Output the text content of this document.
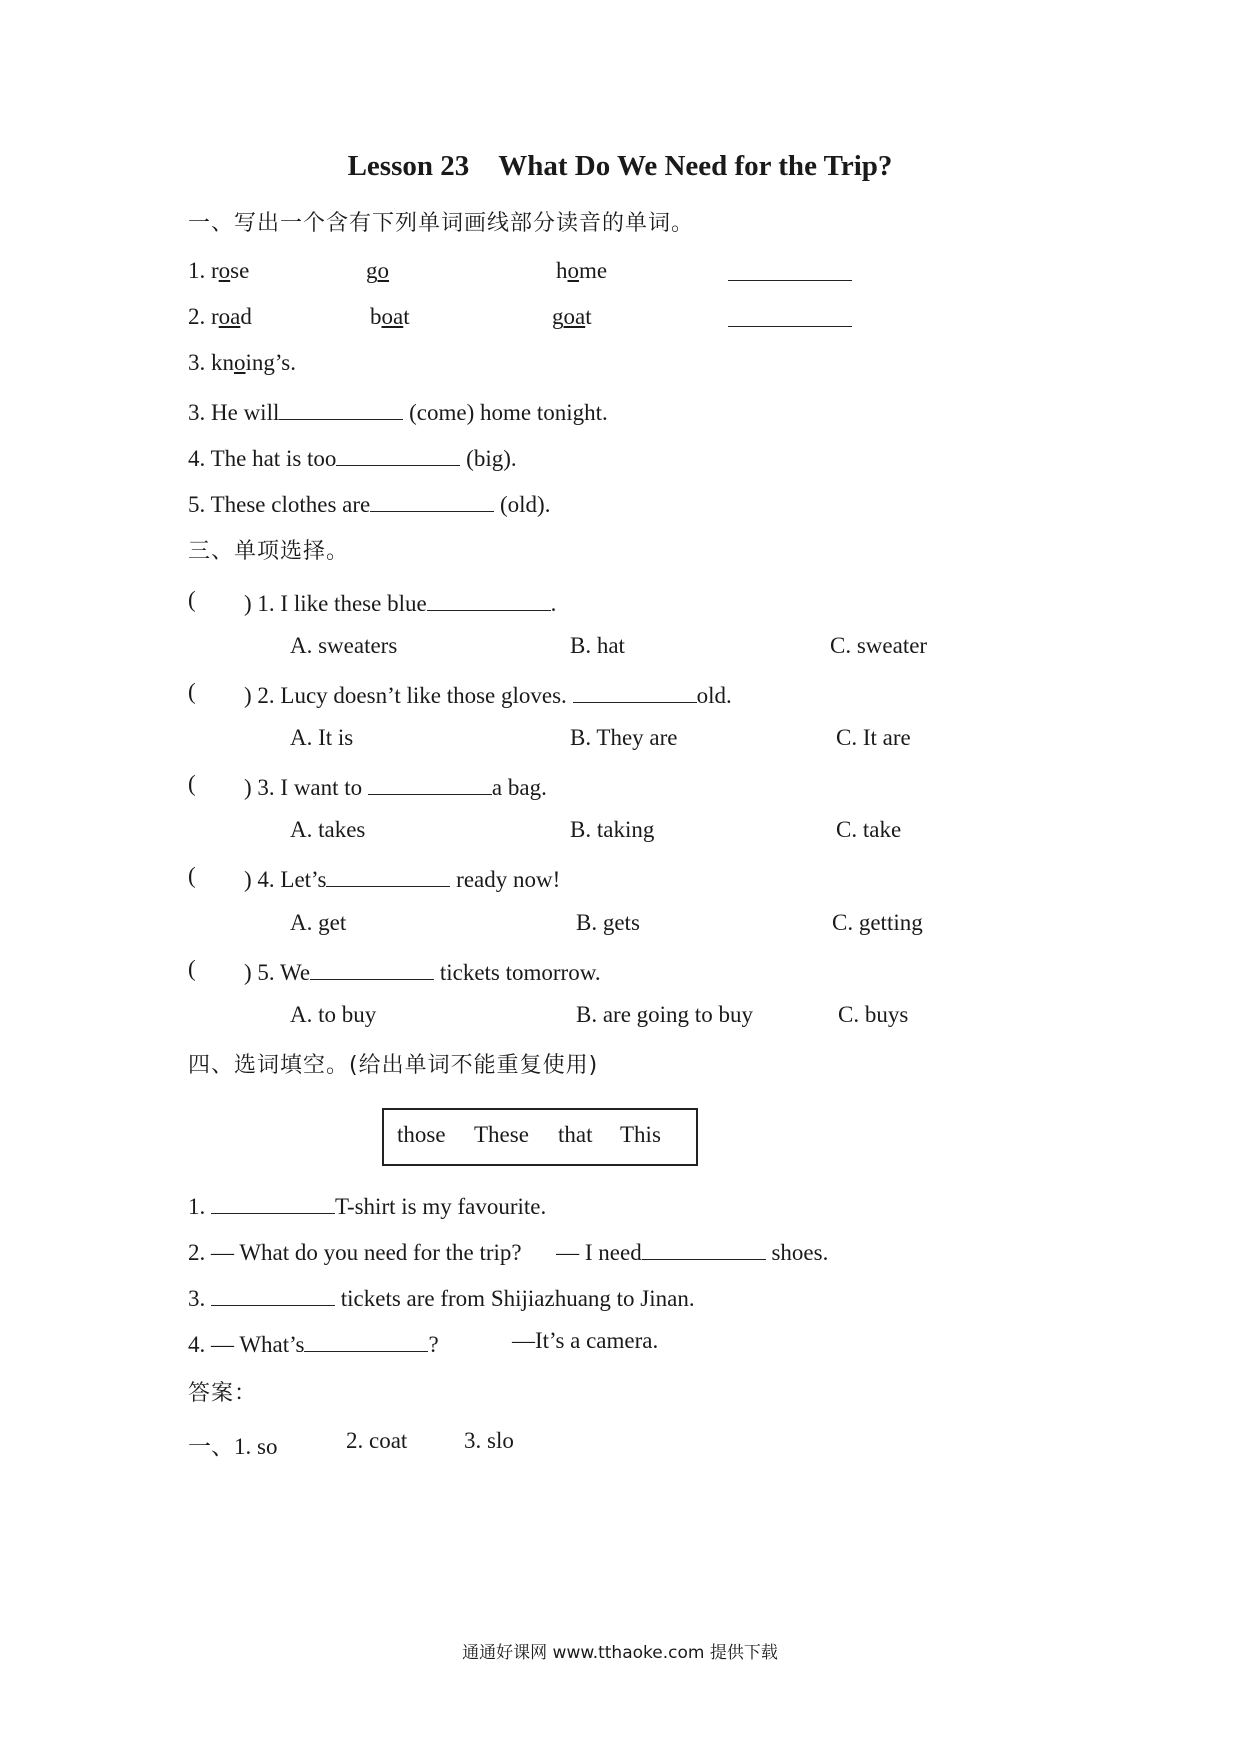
Lesson 23 What Do We Need for the Trip?
一、写出一个含有下列单词画线部分读音的单词。
1. rose	go	home
2. road	boat	goat
3. knoing’s.
3. He will	(come) home tonight.
4. The hat is too	(big).
5. These clothes are	(old).
三、单项选择。
( ) 1. I like these blue	.
A. sweaters	B. hat	C. sweater
( ) 2. Lucy doesn’t like those gloves.	old.
A. It is	B. They are	C. It are
( ) 3. I want to	a bag.
A. takes	B. taking	C. take
( ) 4. Let’s	ready now!
A. get	B. gets	C. getting
( ) 5. We	tickets tomorrow.
A. to buy	B. are going to buy	C. buys
四、选词填空。(给出单词不能重复使用)
those These that This
1.	T-shirt is my favourite.
2. — What do you need for the trip?      — I need	shoes.
3.	tickets are from Shijiazhuang to Jinan.
4. — What’s	?	—It’s a camera.
答案：
一、1. so	2. coat 3. slo
通通好课网 www.tthaoke.com 提供下载
